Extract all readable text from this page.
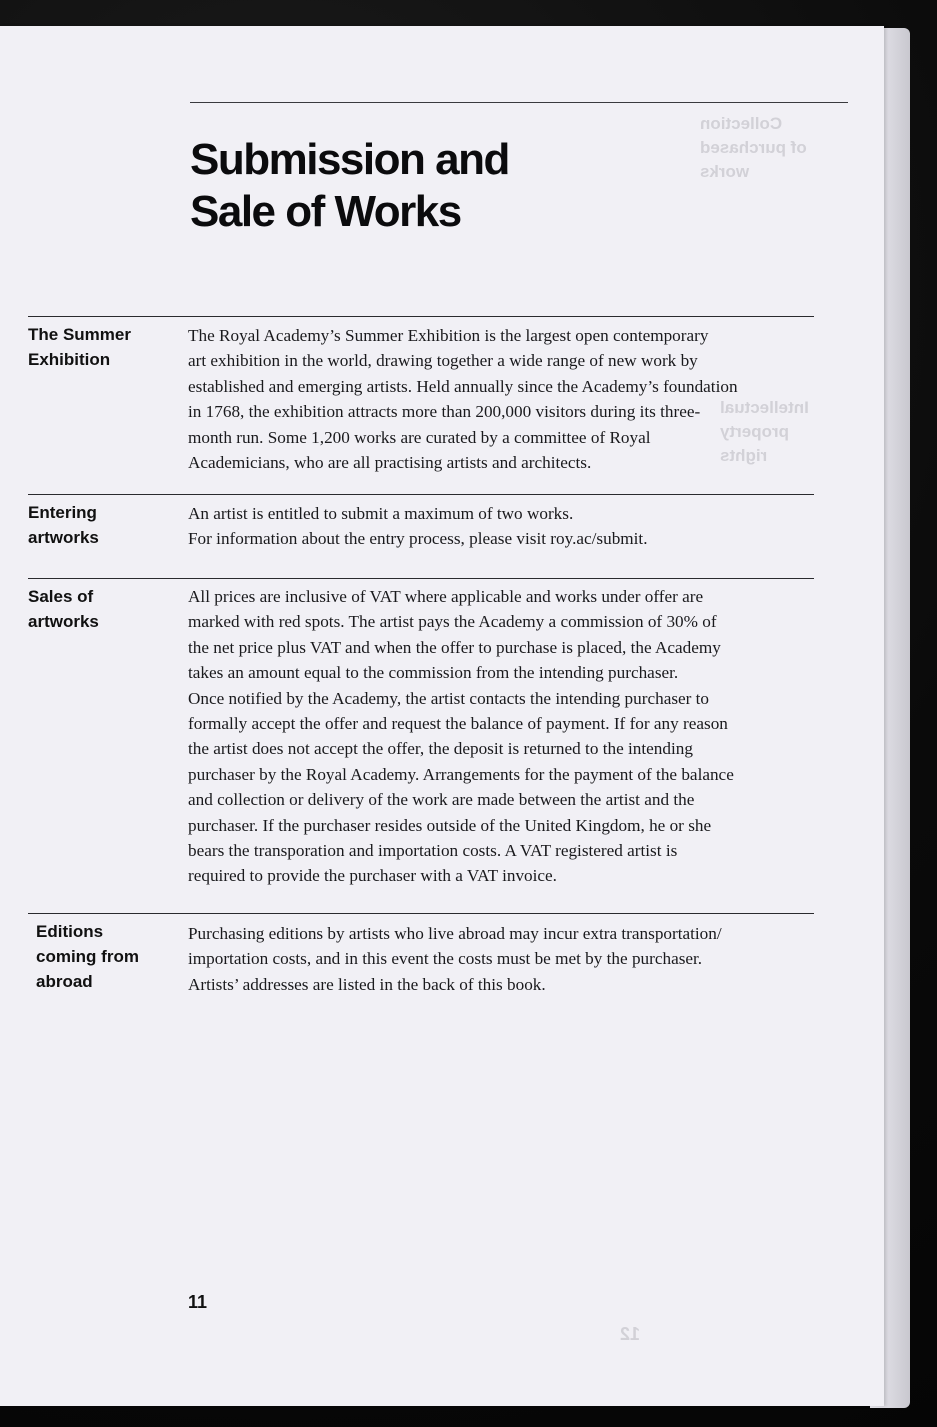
Collection
of purchased
works
Intellectual
property
rights
12
Submission and
Sale of Works
The Summer
Exhibition
The Royal Academy’s Summer Exhibition is the largest open contemporary
art exhibition in the world, drawing together a wide range of new work by
established and emerging artists. Held annually since the Academy’s foundation
in 1768, the exhibition attracts more than 200,000 visitors during its three-
month run. Some 1,200 works are curated by a committee of Royal
Academicians, who are all practising artists and architects.
Entering
artworks
An artist is entitled to submit a maximum of two works.
For information about the entry process, please visit roy.ac/submit.
Sales of
artworks
All prices are inclusive of VAT where applicable and works under offer are
marked with red spots. The artist pays the Academy a commission of 30% of
the net price plus VAT and when the offer to purchase is placed, the Academy
takes an amount equal to the commission from the intending purchaser.
Once notified by the Academy, the artist contacts the intending purchaser to
formally accept the offer and request the balance of payment. If for any reason
the artist does not accept the offer, the deposit is returned to the intending
purchaser by the Royal Academy. Arrangements for the payment of the balance
and collection or delivery of the work are made between the artist and the
purchaser. If the purchaser resides outside of the United Kingdom, he or she
bears the transporation and importation costs. A VAT registered artist is
required to provide the purchaser with a VAT invoice.
Editions
coming from
abroad
Purchasing editions by artists who live abroad may incur extra transportation/
importation costs, and in this event the costs must be met by the purchaser.
Artists’ addresses are listed in the back of this book.
11
